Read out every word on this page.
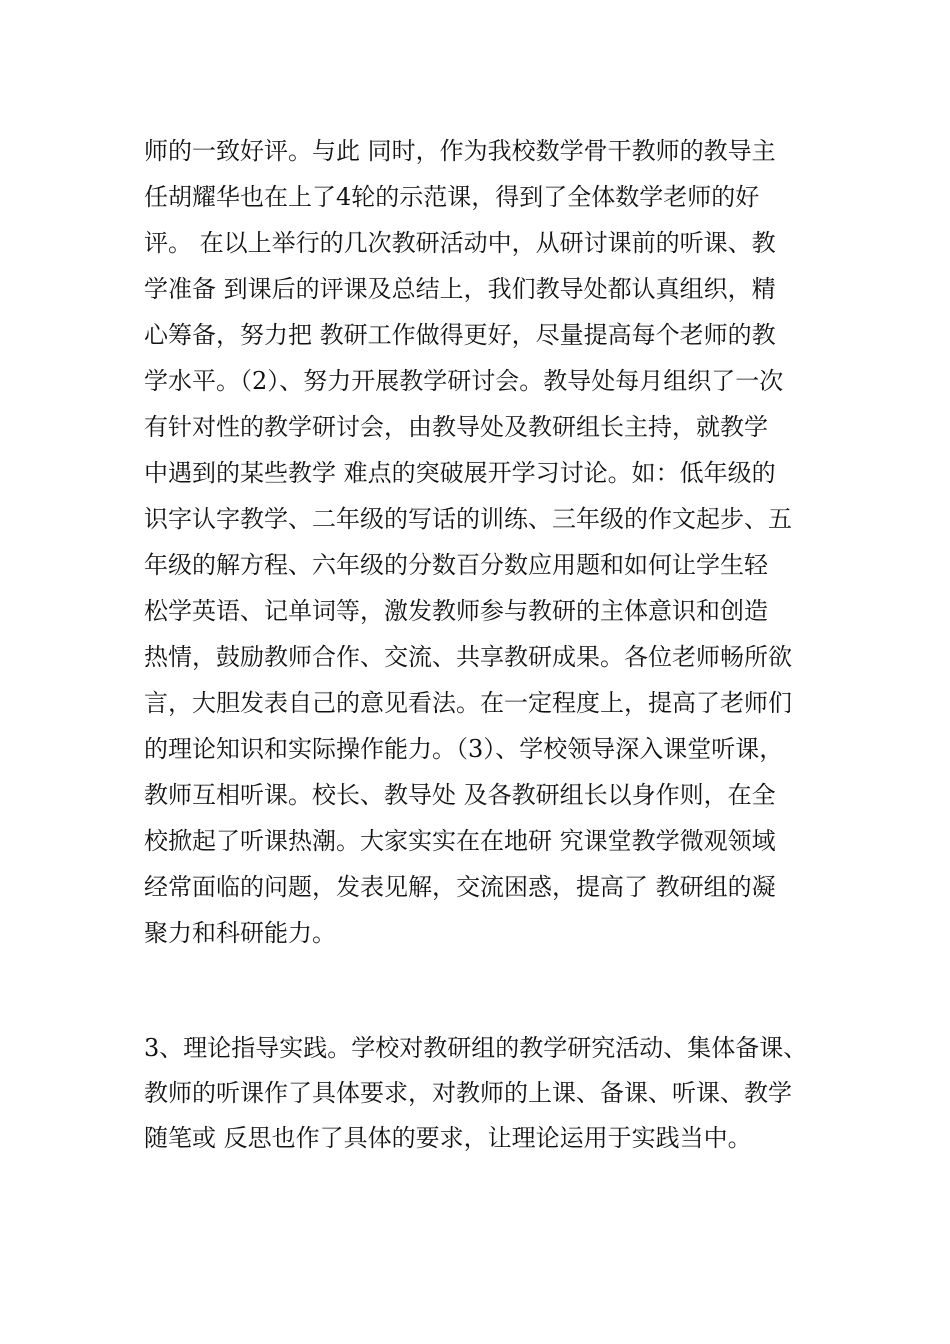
师的一致好评。与此 同时，作为我校数学骨干教师的教导主
任胡耀华也在上了4轮的示范课，得到了全体数学老师的好
评。 在以上举行的几次教研活动中，从研讨课前的听课、教
学准备 到课后的评课及总结上，我们教导处都认真组织，精
心筹备，努力把 教研工作做得更好，尽量提高每个老师的教
学水平。（2）、努力开展教学研讨会。教导处每月组织了一次
有针对性的教学研讨会，由教导处及教研组长主持，就教学
中遇到的某些教学 难点的突破展开学习讨论。如：低年级的
识字认字教学、二年级的写话的训练、三年级的作文起步、五
年级的解方程、六年级的分数百分数应用题和如何让学生轻
松学英语、记单词等，激发教师参与教研的主体意识和创造
热情，鼓励教师合作、交流、共享教研成果。各位老师畅所欲
言，大胆发表自己的意见看法。在一定程度上，提高了老师们
的理论知识和实际操作能力。（3）、学校领导深入课堂听课，
教师互相听课。校长、教导处 及各教研组长以身作则，在全
校掀起了听课热潮。大家实实在在地研 究课堂教学微观领域
经常面临的问题，发表见解，交流困惑，提高了 教研组的凝
聚力和科研能力。
3、理论指导实践。学校对教研组的教学研究活动、集体备课、
教师的听课作了具体要求，对教师的上课、备课、听课、教学
随笔或 反思也作了具体的要求，让理论运用于实践当中。
